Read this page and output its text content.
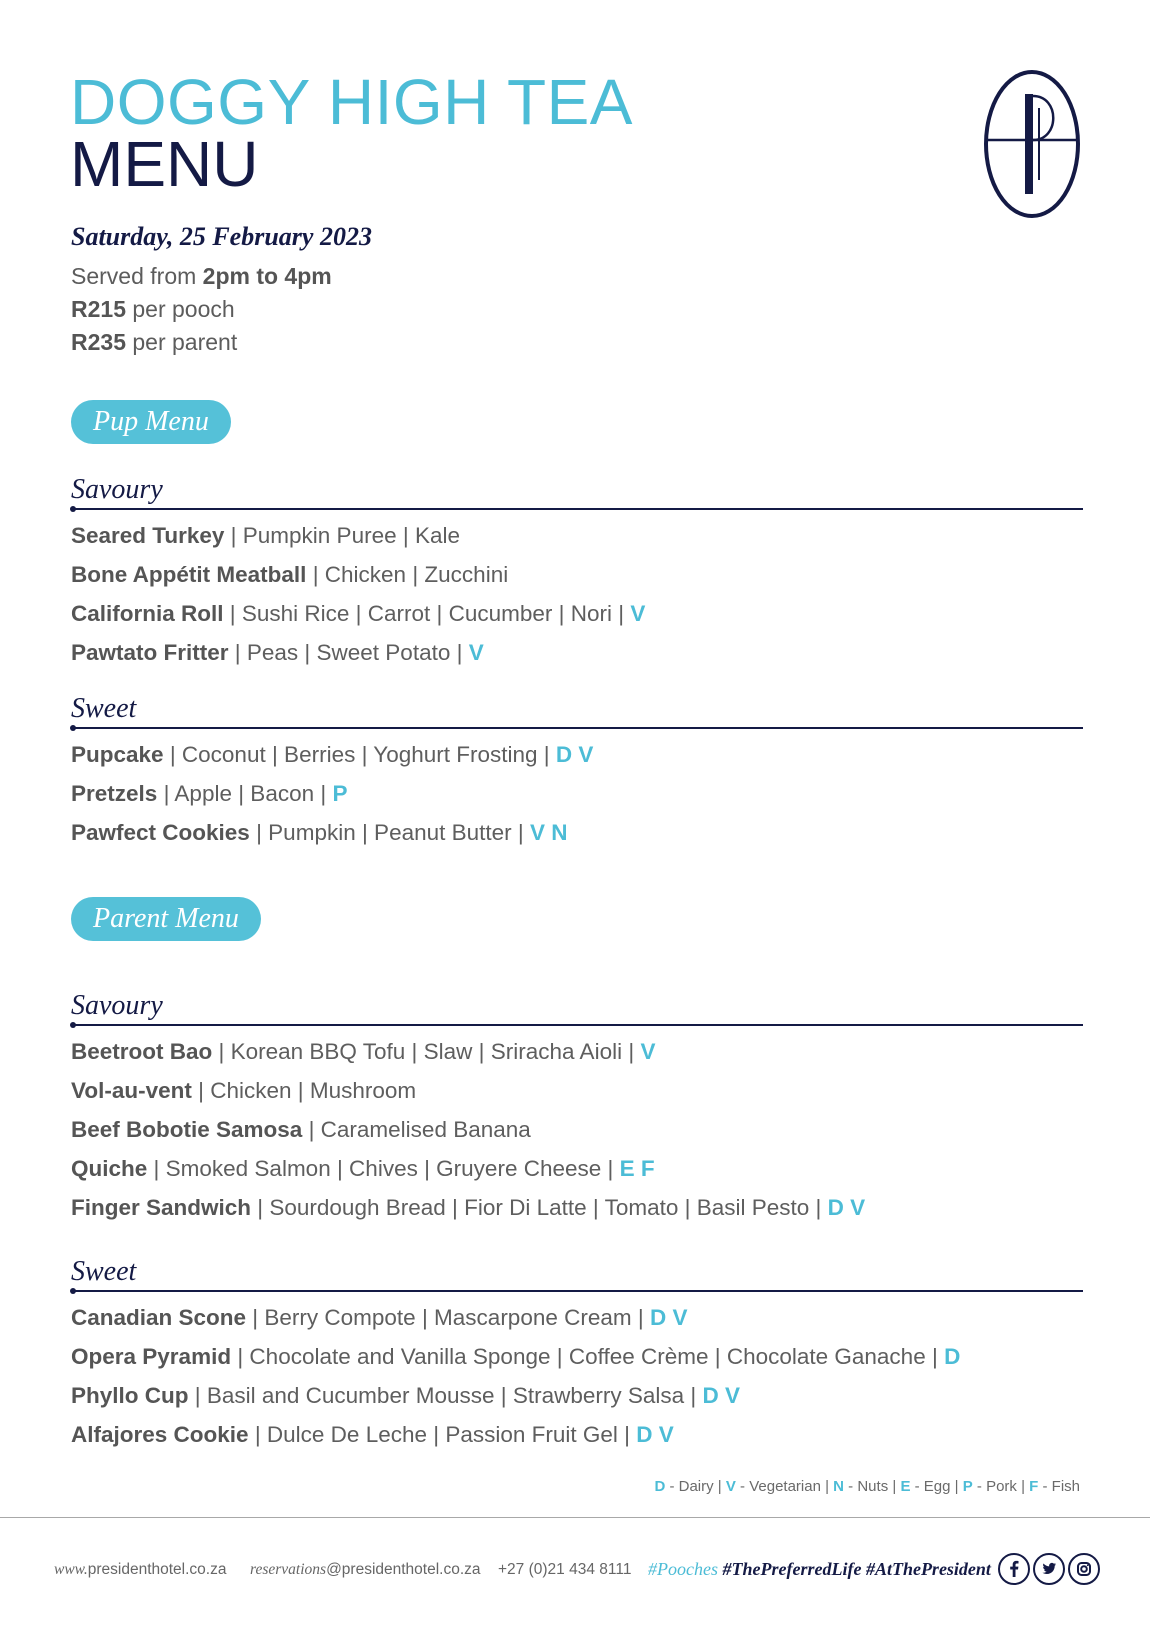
DOGGY HIGH TEA
MENU
Saturday, 25 February 2023
Served from 2pm to 4pm
R215 per pooch
R235 per parent
Pup Menu
Savoury
Seared Turkey | Pumpkin Puree | Kale
Bone Appétit Meatball | Chicken | Zucchini
California Roll | Sushi Rice | Carrot | Cucumber | Nori | V
Pawtato Fritter | Peas | Sweet Potato | V
Sweet
Pupcake | Coconut | Berries | Yoghurt Frosting | D V
Pretzels | Apple | Bacon | P
Pawfect Cookies | Pumpkin | Peanut Butter | V N
Parent Menu
Savoury
Beetroot Bao | Korean BBQ Tofu | Slaw | Sriracha Aioli | V
Vol-au-vent | Chicken | Mushroom
Beef Bobotie Samosa | Caramelised Banana
Quiche | Smoked Salmon | Chives | Gruyere Cheese | E F
Finger Sandwich | Sourdough Bread | Fior Di Latte | Tomato | Basil Pesto | D V
Sweet
Canadian Scone | Berry Compote | Mascarpone Cream | D V
Opera Pyramid | Chocolate and Vanilla Sponge | Coffee Crème | Chocolate Ganache | D
Phyllo Cup | Basil and Cucumber Mousse | Strawberry Salsa | D V
Alfajores Cookie | Dulce De Leche | Passion Fruit Gel | D V
D - Dairy | V - Vegetarian | N - Nuts | E - Egg | P - Pork | F - Fish
www.presidenthotel.co.za reservations@presidenthotel.co.za +27 (0)21 434 8111 #Pooches #ThePreferredLife #AtThePresident
